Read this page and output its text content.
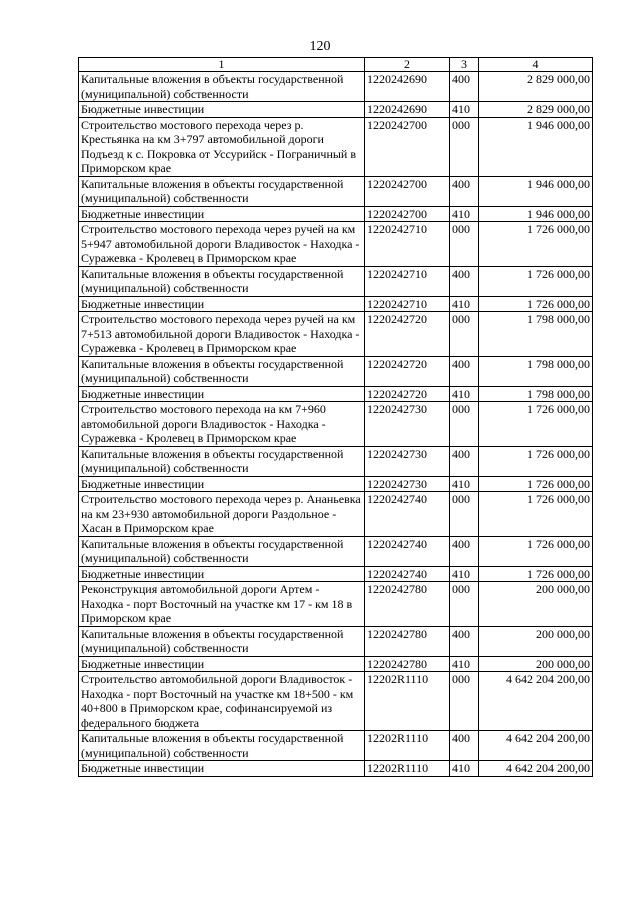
120
1	2	3	4
Капитальные вложения в объекты государственной (муниципальной) собственности	1220242690	400	2 829 000,00
Бюджетные инвестиции	1220242690	410	2 829 000,00
Строительство мостового перехода через р. Крестьянка на км 3+797 автомобильной дороги Подъезд к с. Покровка от Уссурийск - Пограничный в Приморском крае	1220242700	000	1 946 000,00
Капитальные вложения в объекты государственной (муниципальной) собственности	1220242700	400	1 946 000,00
Бюджетные инвестиции	1220242700	410	1 946 000,00
Строительство мостового перехода через ручей на км 5+947 автомобильной дороги Владивосток - Находка - Суражевка - Кролевец в Приморском крае	1220242710	000	1 726 000,00
Капитальные вложения в объекты государственной (муниципальной) собственности	1220242710	400	1 726 000,00
Бюджетные инвестиции	1220242710	410	1 726 000,00
Строительство мостового перехода через ручей на км 7+513 автомобильной дороги Владивосток - Находка - Суражевка - Кролевец в Приморском крае	1220242720	000	1 798 000,00
Капитальные вложения в объекты государственной (муниципальной) собственности	1220242720	400	1 798 000,00
Бюджетные инвестиции	1220242720	410	1 798 000,00
Строительство мостового перехода на км 7+960 автомобильной дороги Владивосток - Находка - Суражевка - Кролевец в Приморском крае	1220242730	000	1 726 000,00
Капитальные вложения в объекты государственной (муниципальной) собственности	1220242730	400	1 726 000,00
Бюджетные инвестиции	1220242730	410	1 726 000,00
Строительство мостового перехода через р. Ананьевка на км 23+930 автомобильной дороги Раздольное - Хасан в Приморском крае	1220242740	000	1 726 000,00
Капитальные вложения в объекты государственной (муниципальной) собственности	1220242740	400	1 726 000,00
Бюджетные инвестиции	1220242740	410	1 726 000,00
Реконструкция автомобильной дороги Артем - Находка - порт Восточный на участке км 17 - км 18 в Приморском крае	1220242780	000	200 000,00
Капитальные вложения в объекты государственной (муниципальной) собственности	1220242780	400	200 000,00
Бюджетные инвестиции	1220242780	410	200 000,00
Строительство автомобильной дороги Владивосток - Находка - порт Восточный на участке км 18+500 - км 40+800 в Приморском крае, софинансируемой из федерального бюджета	12202R1110	000	4 642 204 200,00
Капитальные вложения в объекты государственной (муниципальной) собственности	12202R1110	400	4 642 204 200,00
Бюджетные инвестиции	12202R1110	410	4 642 204 200,00
